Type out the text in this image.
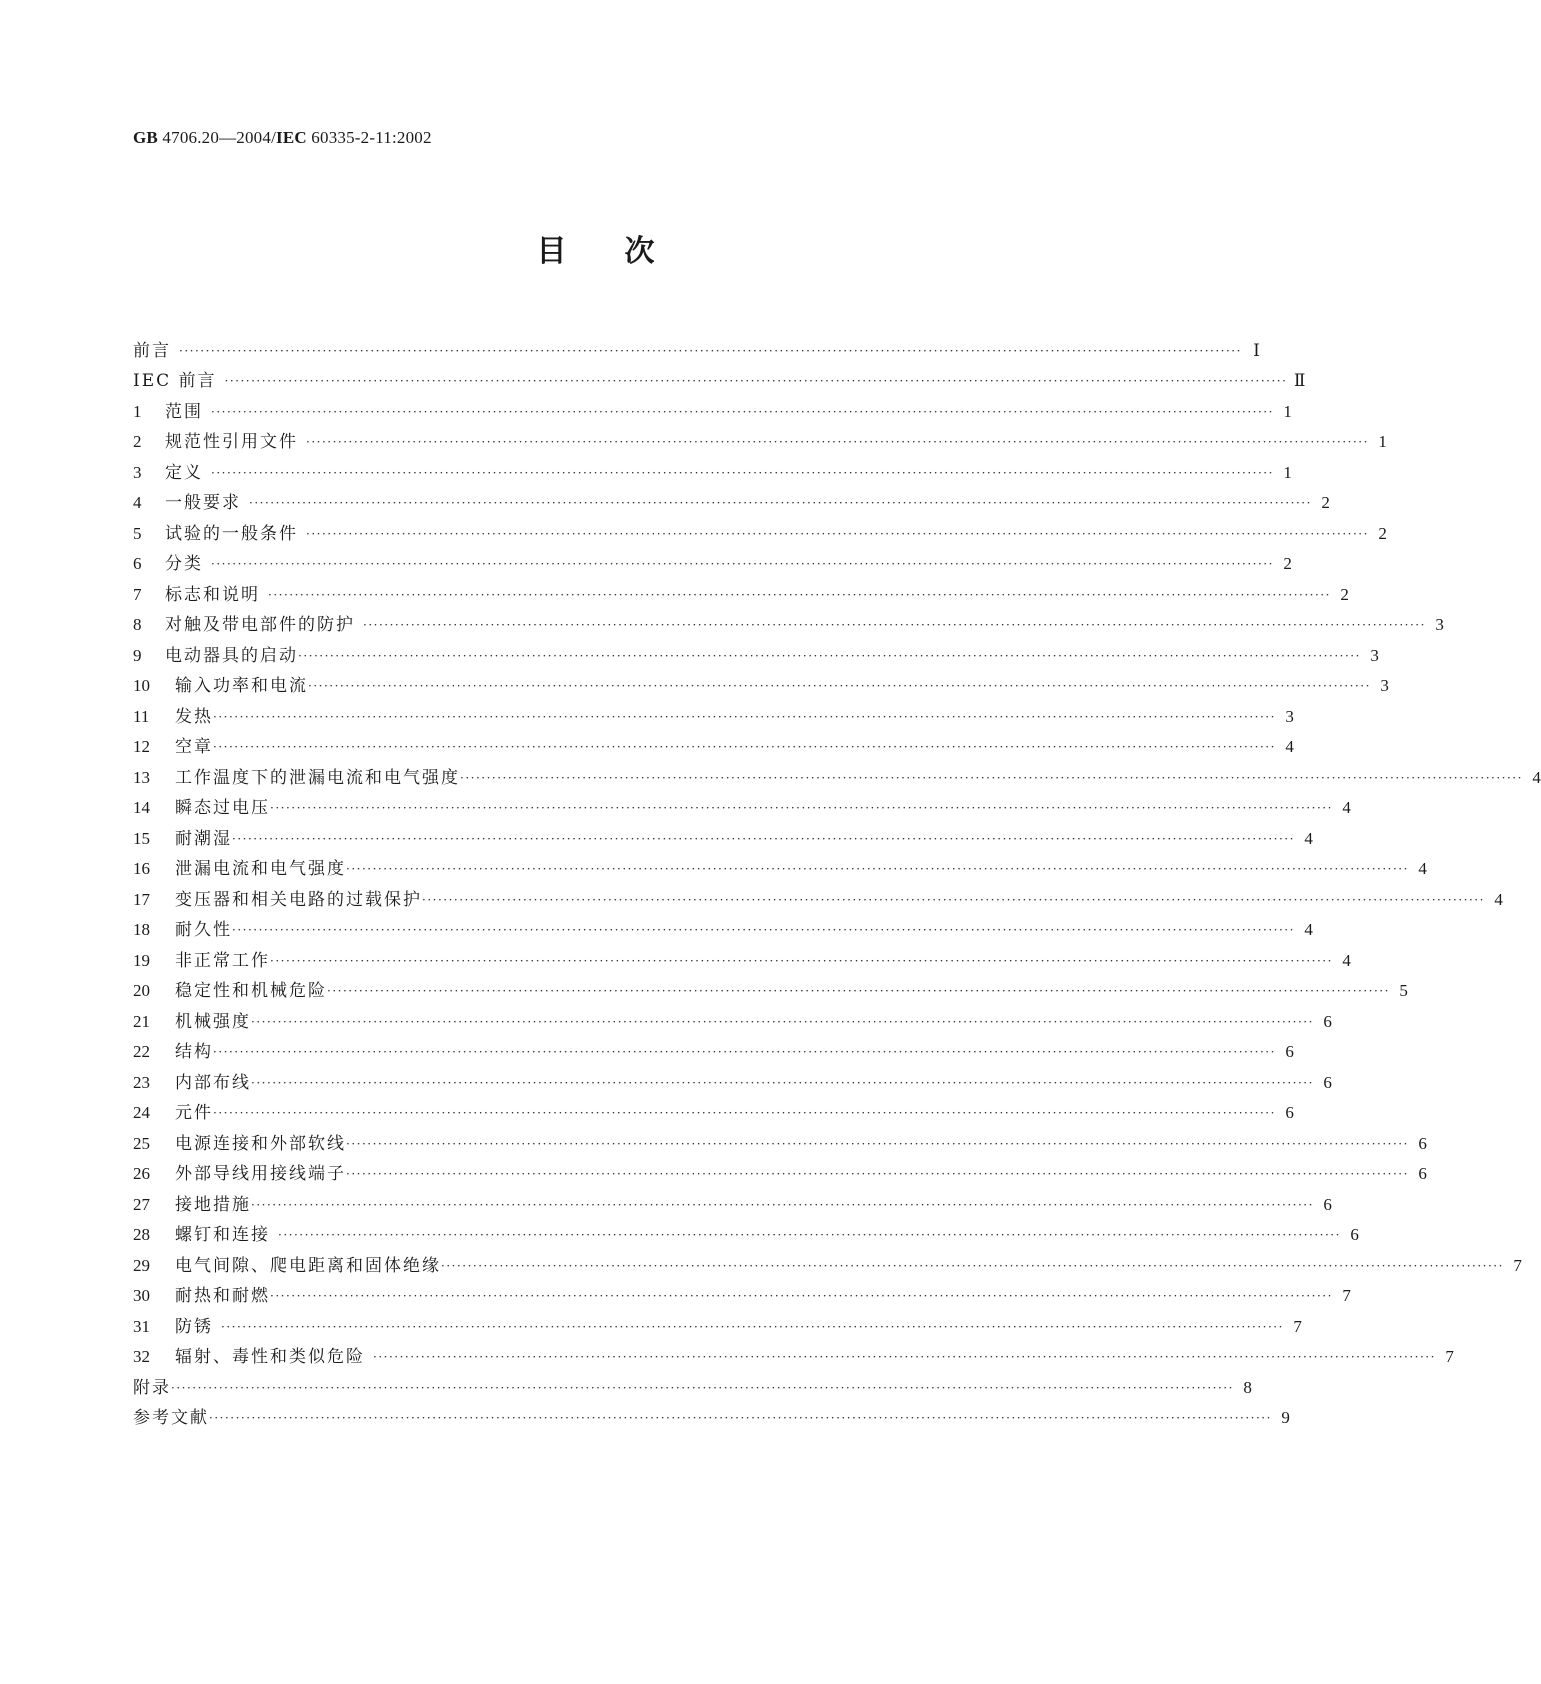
GB 4706.20—2004/IEC 60335-2-11:2002
目次
前言 ········································································································································································································ Ⅰ
IEC 前言 ········································································································································································································ Ⅱ
1	范围 ········································································································································································································ 1
2	规范性引用文件 ········································································································································································································ 1
3	定义 ········································································································································································································ 1
4	一般要求 ········································································································································································································ 2
5	试验的一般条件 ········································································································································································································ 2
6	分类 ········································································································································································································ 2
7	标志和说明 ········································································································································································································ 2
8	对触及带电部件的防护 ········································································································································································································ 3
9	电动器具的启动 ········································································································································································································ 3
10	输入功率和电流 ········································································································································································································ 3
11	发热 ········································································································································································································ 3
12	空章 ········································································································································································································ 4
13	工作温度下的泄漏电流和电气强度 ········································································································································································································ 4
14	瞬态过电压 ········································································································································································································ 4
15	耐潮湿 ········································································································································································································ 4
16	泄漏电流和电气强度 ········································································································································································································ 4
17	变压器和相关电路的过载保护 ········································································································································································································ 4
18	耐久性 ········································································································································································································ 4
19	非正常工作 ········································································································································································································ 4
20	稳定性和机械危险 ········································································································································································································ 5
21	机械强度 ········································································································································································································ 6
22	结构 ········································································································································································································ 6
23	内部布线 ········································································································································································································ 6
24	元件 ········································································································································································································ 6
25	电源连接和外部软线 ········································································································································································································ 6
26	外部导线用接线端子 ········································································································································································································ 6
27	接地措施 ········································································································································································································ 6
28	螺钉和连接 ········································································································································································································ 6
29	电气间隙、爬电距离和固体绝缘 ········································································································································································································ 7
30	耐热和耐燃 ········································································································································································································ 7
31	防锈 ········································································································································································································ 7
32	辐射、毒性和类似危险 ········································································································································································································ 7
附录 ········································································································································································································ 8
参考文献 ········································································································································································································ 9
